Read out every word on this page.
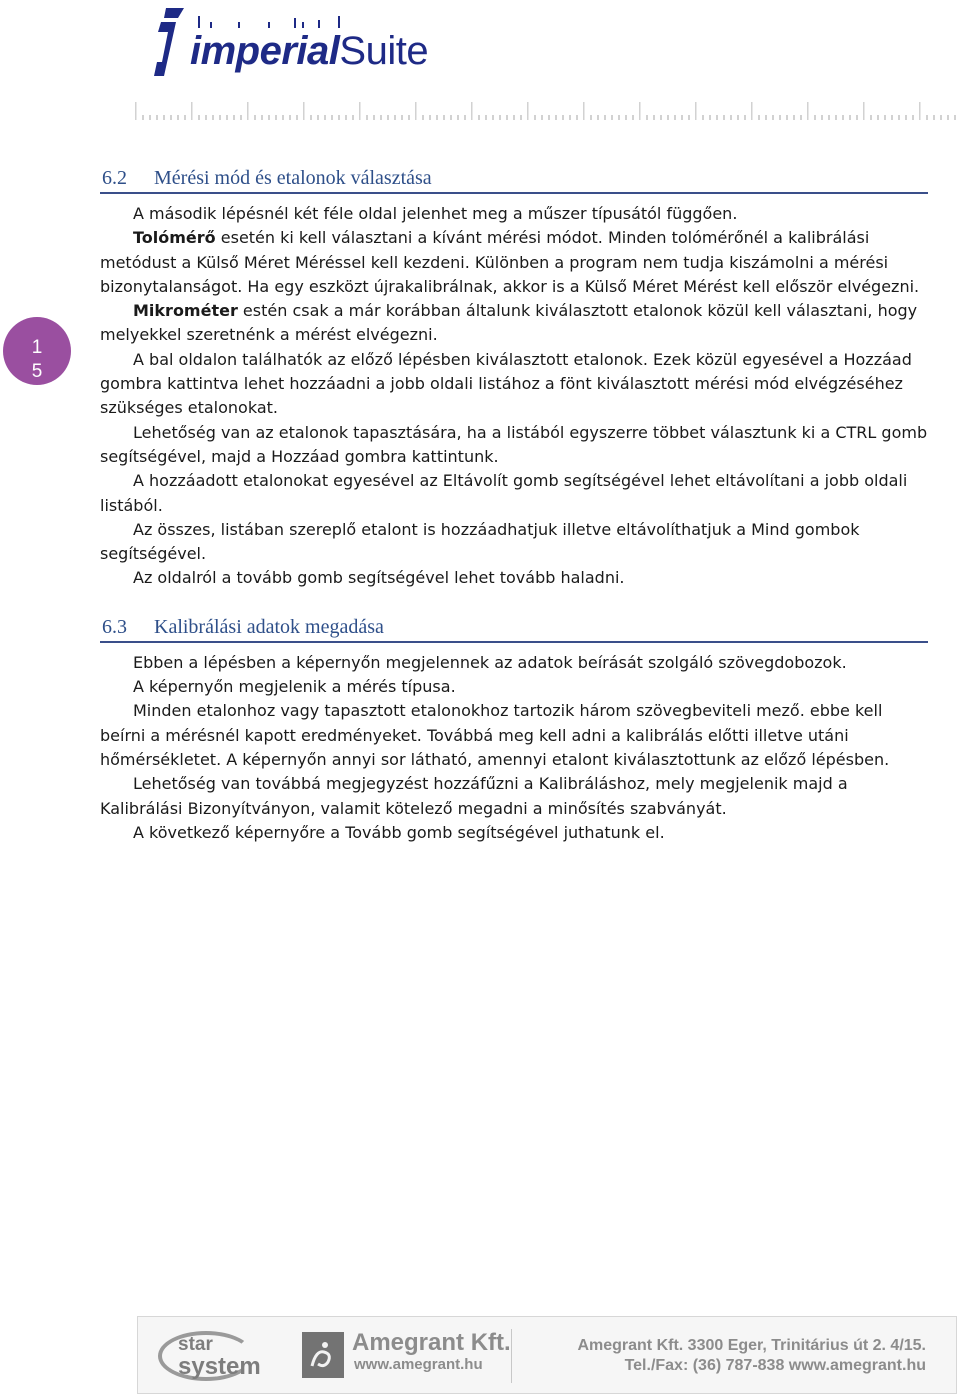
imperialSuite
1
5
6.2 Mérési mód és etalonok választása

A második lépésnél két féle oldal jelenhet meg a műszer típusától függően.

Tolómérő esetén ki kell választani a kívánt mérési módot. Minden tolómérőnél a kalibrálási metódust a Külső Méret Méréssel kell kezdeni. Különben a program nem tudja kiszámolni a mérési bizonytalanságot. Ha egy eszközt újrakalibrálnak, akkor is a Külső Méret Mérést kell először elvégezni.

Mikrométer estén csak a már korábban általunk kiválasztott etalonok közül kell választani, hogy melyekkel szeretnénk a mérést elvégezni.

A bal oldalon találhatók az előző lépésben kiválasztott etalonok. Ezek közül egyesével a Hozzáad gombra kattintva lehet hozzáadni a jobb oldali listához a fönt kiválasztott mérési mód elvégzéséhez szükséges etalonokat.

Lehetőség van az etalonok tapasztására, ha a listából egyszerre többet választunk ki a CTRL gomb segítségével, majd a Hozzáad gombra kattintunk.

A hozzáadott etalonokat egyesével az Eltávolít gomb segítségével lehet eltávolítani a jobb oldali listából.

Az összes, listában szereplő etalont is hozzáadhatjuk illetve eltávolíthatjuk a Mind gombok segítségével.

Az oldalról a tovább gomb segítségével lehet tovább haladni.

6.3 Kalibrálási adatok megadása

Ebben a lépésben a képernyőn megjelennek az adatok beírását szolgáló szövegdobozok.

A képernyőn megjelenik a mérés típusa.

Minden etalonhoz vagy tapasztott etalonokhoz tartozik három szövegbeviteli mező. ebbe kell beírni a mérésnél kapott eredményeket. Továbbá meg kell adni a kalibrálás előtti illetve utáni hőmérsékletet. A képernyőn annyi sor látható, amennyi etalont kiválasztottunk az előző lépésben.

Lehetőség van továbbá megjegyzést hozzáfűzni a Kalibráláshoz, mely megjelenik majd a Kalibrálási Bizonyítványon, valamit kötelező megadni a minősítés szabványát.

A következő képernyőre a Tovább gomb segítségével juthatunk el.

star
system
Amegrant Kft.
www.amegrant.hu
Amegrant Kft. 3300 Eger, Trinitárius út 2. 4/15.
Tel./Fax: (36) 787-838 www.amegrant.hu
